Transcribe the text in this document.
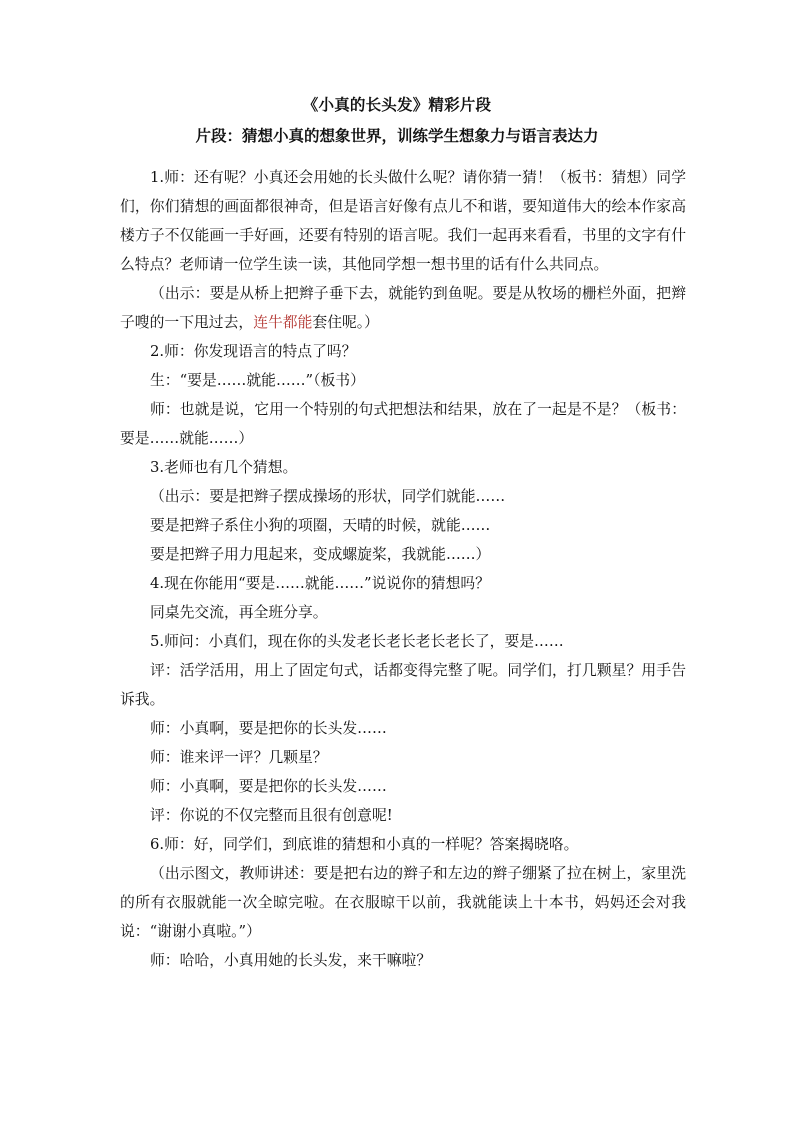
《小真的长头发》精彩片段
片段：猜想小真的想象世界，训练学生想象力与语言表达力

1.师：还有呢？小真还会用她的长头做什么呢？请你猜一猜！（板书：猜想）同学们，你们猜想的画面都很神奇，但是语言好像有点儿不和谐，要知道伟大的绘本作家高楼方子不仅能画一手好画，还要有特别的语言呢。我们一起再来看看，书里的文字有什么特点？老师请一位学生读一读，其他同学想一想书里的话有什么共同点。

（出示：要是从桥上把辫子垂下去，就能钓到鱼呢。要是从牧场的栅栏外面，把辫子嗖的一下甩过去，连牛都能套住呢。）

2.师：你发现语言的特点了吗？

生：“要是……就能……”（板书）

师：也就是说，它用一个特别的句式把想法和结果，放在了一起是不是？（板书：要是……就能……）

3.老师也有几个猜想。

（出示：要是把辫子摆成操场的形状，同学们就能……

要是把辫子系住小狗的项圈，天晴的时候，就能……

要是把辫子用力甩起来，变成螺旋桨，我就能……）

4.现在你能用“要是……就能……”说说你的猜想吗？

同桌先交流，再全班分享。

5.师问：小真们，现在你的头发老长老长老长老长了，要是……

评：活学活用，用上了固定句式，话都变得完整了呢。同学们，打几颗星？用手告诉我。

师：小真啊，要是把你的长头发……

师：谁来评一评？几颗星？

师：小真啊，要是把你的长头发……

评：你说的不仅完整而且很有创意呢!

6.师：好，同学们，到底谁的猜想和小真的一样呢？答案揭晓咯。

（出示图文，教师讲述：要是把右边的辫子和左边的辫子绷紧了拉在树上，家里洗的所有衣服就能一次全晾完啦。在衣服晾干以前，我就能读上十本书，妈妈还会对我说：“谢谢小真啦。”）

师：哈哈，小真用她的长头发，来干嘛啦？
